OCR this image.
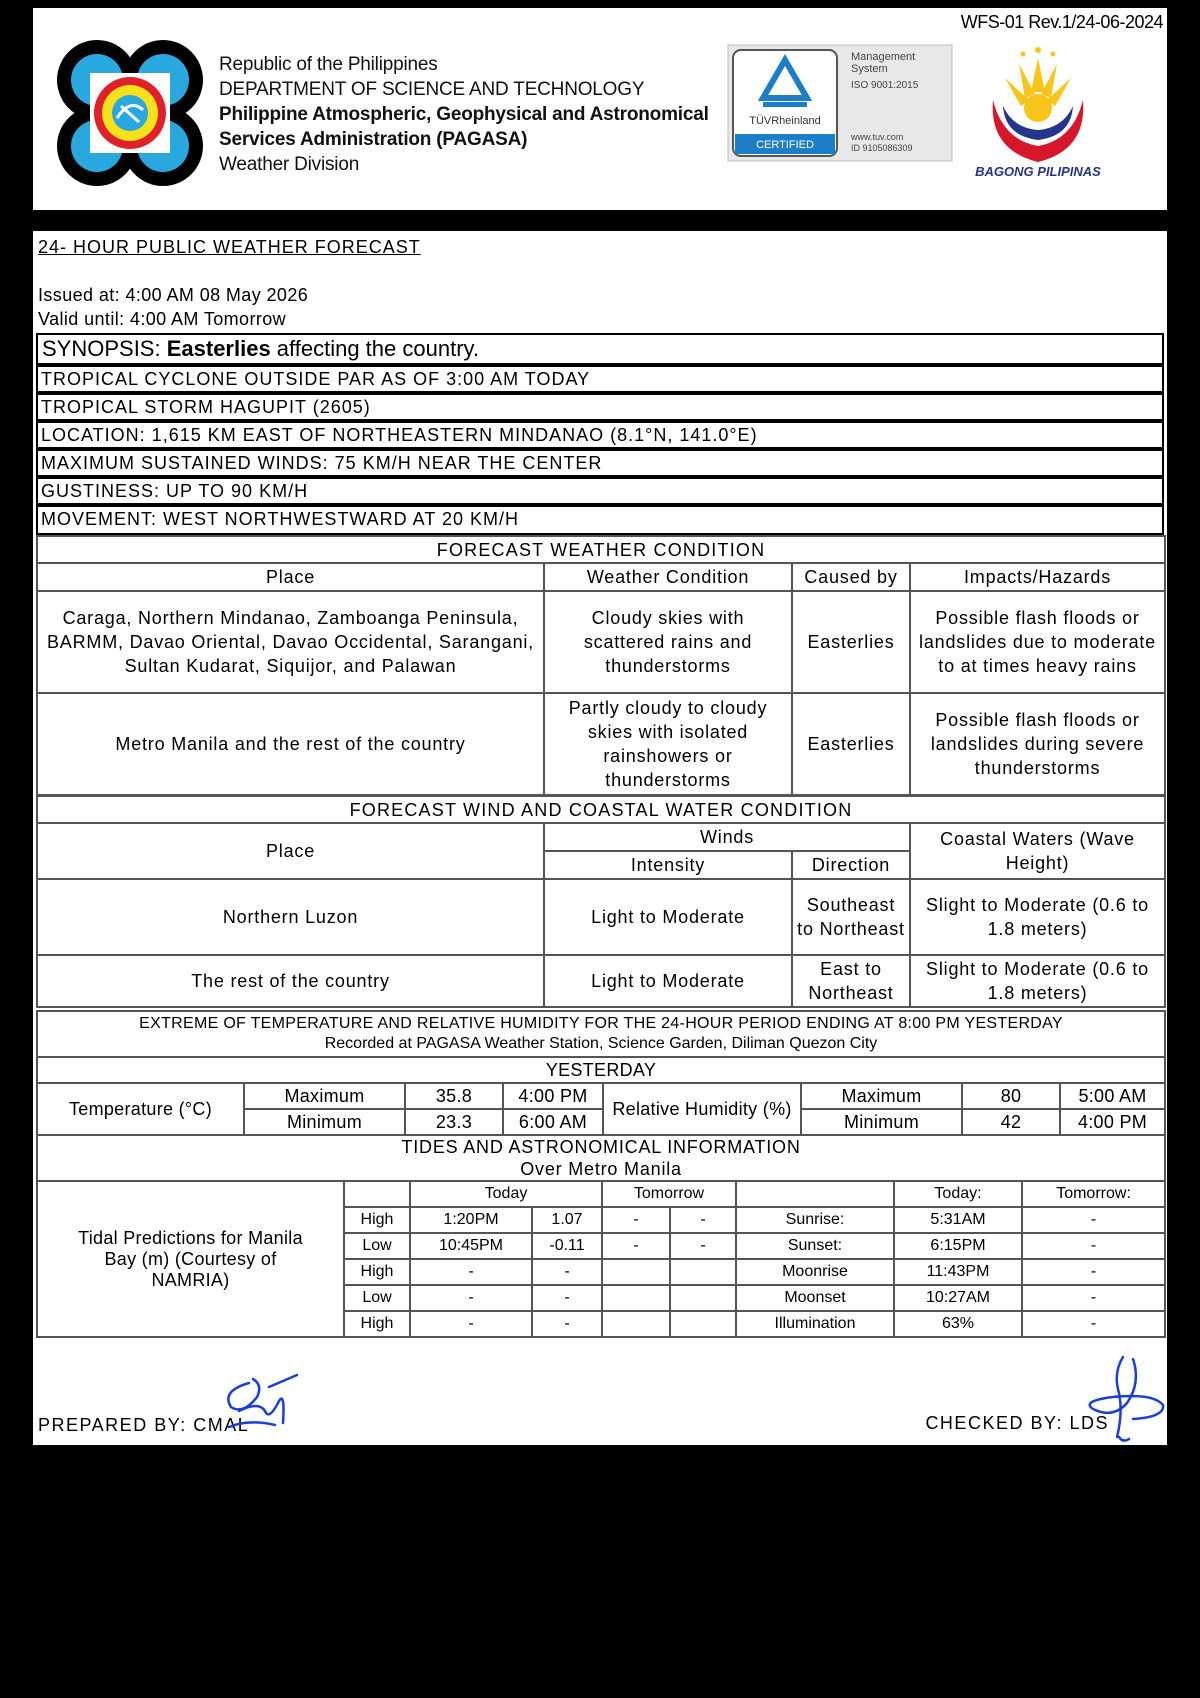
WFS-01 Rev.1/24-06-2024
Republic of the Philippines
DEPARTMENT OF SCIENCE AND TECHNOLOGY
Philippine Atmospheric, Geophysical and Astronomical
Services Administration (PAGASA)
Weather Division
TÜVRheinland
CERTIFIED
Management
System
ISO 9001:2015
www.tuv.com
ID 9105086309
BAGONG PILIPINAS
24- HOUR PUBLIC WEATHER FORECAST
Issued at: 4:00 AM 08 May 2026
Valid until: 4:00 AM Tomorrow
SYNOPSIS: Easterlies affecting the country.
TROPICAL CYCLONE OUTSIDE PAR AS OF 3:00 AM TODAY
TROPICAL STORM HAGUPIT (2605)
LOCATION: 1,615 KM EAST OF NORTHEASTERN MINDANAO (8.1°N, 141.0°E)
MAXIMUM SUSTAINED WINDS: 75 KM/H NEAR THE CENTER
GUSTINESS: UP TO 90 KM/H
MOVEMENT: WEST NORTHWESTWARD AT 20 KM/H
FORECAST WEATHER CONDITION			
Place	Weather Condition	Caused by	Impacts/Hazards
Caraga, Northern Mindanao, Zamboanga Peninsula, BARMM, Davao Oriental, Davao Occidental, Sarangani, Sultan Kudarat, Siquijor, and Palawan	Cloudy skies with scattered rains and thunderstorms	Easterlies	Possible flash floods or landslides due to moderate to at times heavy rains
Metro Manila and the rest of the country	Partly cloudy to cloudy skies with isolated rainshowers or thunderstorms	Easterlies	Possible flash floods or landslides during severe thunderstorms
FORECAST WIND AND COASTAL WATER CONDITION			
Place	Winds		Coastal Waters (Wave Height)
	Intensity	Direction	
Northern Luzon	Light to Moderate	Southeast to Northeast	Slight to Moderate (0.6 to 1.8 meters)
The rest of the country	Light to Moderate	East to Northeast	Slight to Moderate (0.6 to 1.8 meters)
EXTREME OF TEMPERATURE AND RELATIVE HUMIDITY FOR THE 24-HOUR PERIOD ENDING AT 8:00 PM YESTERDAY
Recorded at PAGASA Weather Station, Science Garden, Diliman Quezon City							

YESTERDAY							
Temperature (°C)	Maximum	35.8	4:00 PM	Relative Humidity (%)	Maximum	80	5:00 AM
	Minimum	23.3	6:00 AM		Minimum	42	4:00 PM
TIDES AND ASTRONOMICAL INFORMATION
Over Metro Manila								

Tidal Predictions for Manila Bay (m) (Courtesy of NAMRIA)		Today		Tomorrow			Today:	Tomorrow:
	High	1:20PM	1.07	-	-	Sunrise:	5:31AM	-
	Low	10:45PM	-0.11	-	-	Sunset:	6:15PM	-
	High	-	-			Moonrise	11:43PM	-
	Low	-	-			Moonset	10:27AM	-
	High	-	-			Illumination	63%	-
PREPARED BY: CMAL	CHECKED BY: LDS
